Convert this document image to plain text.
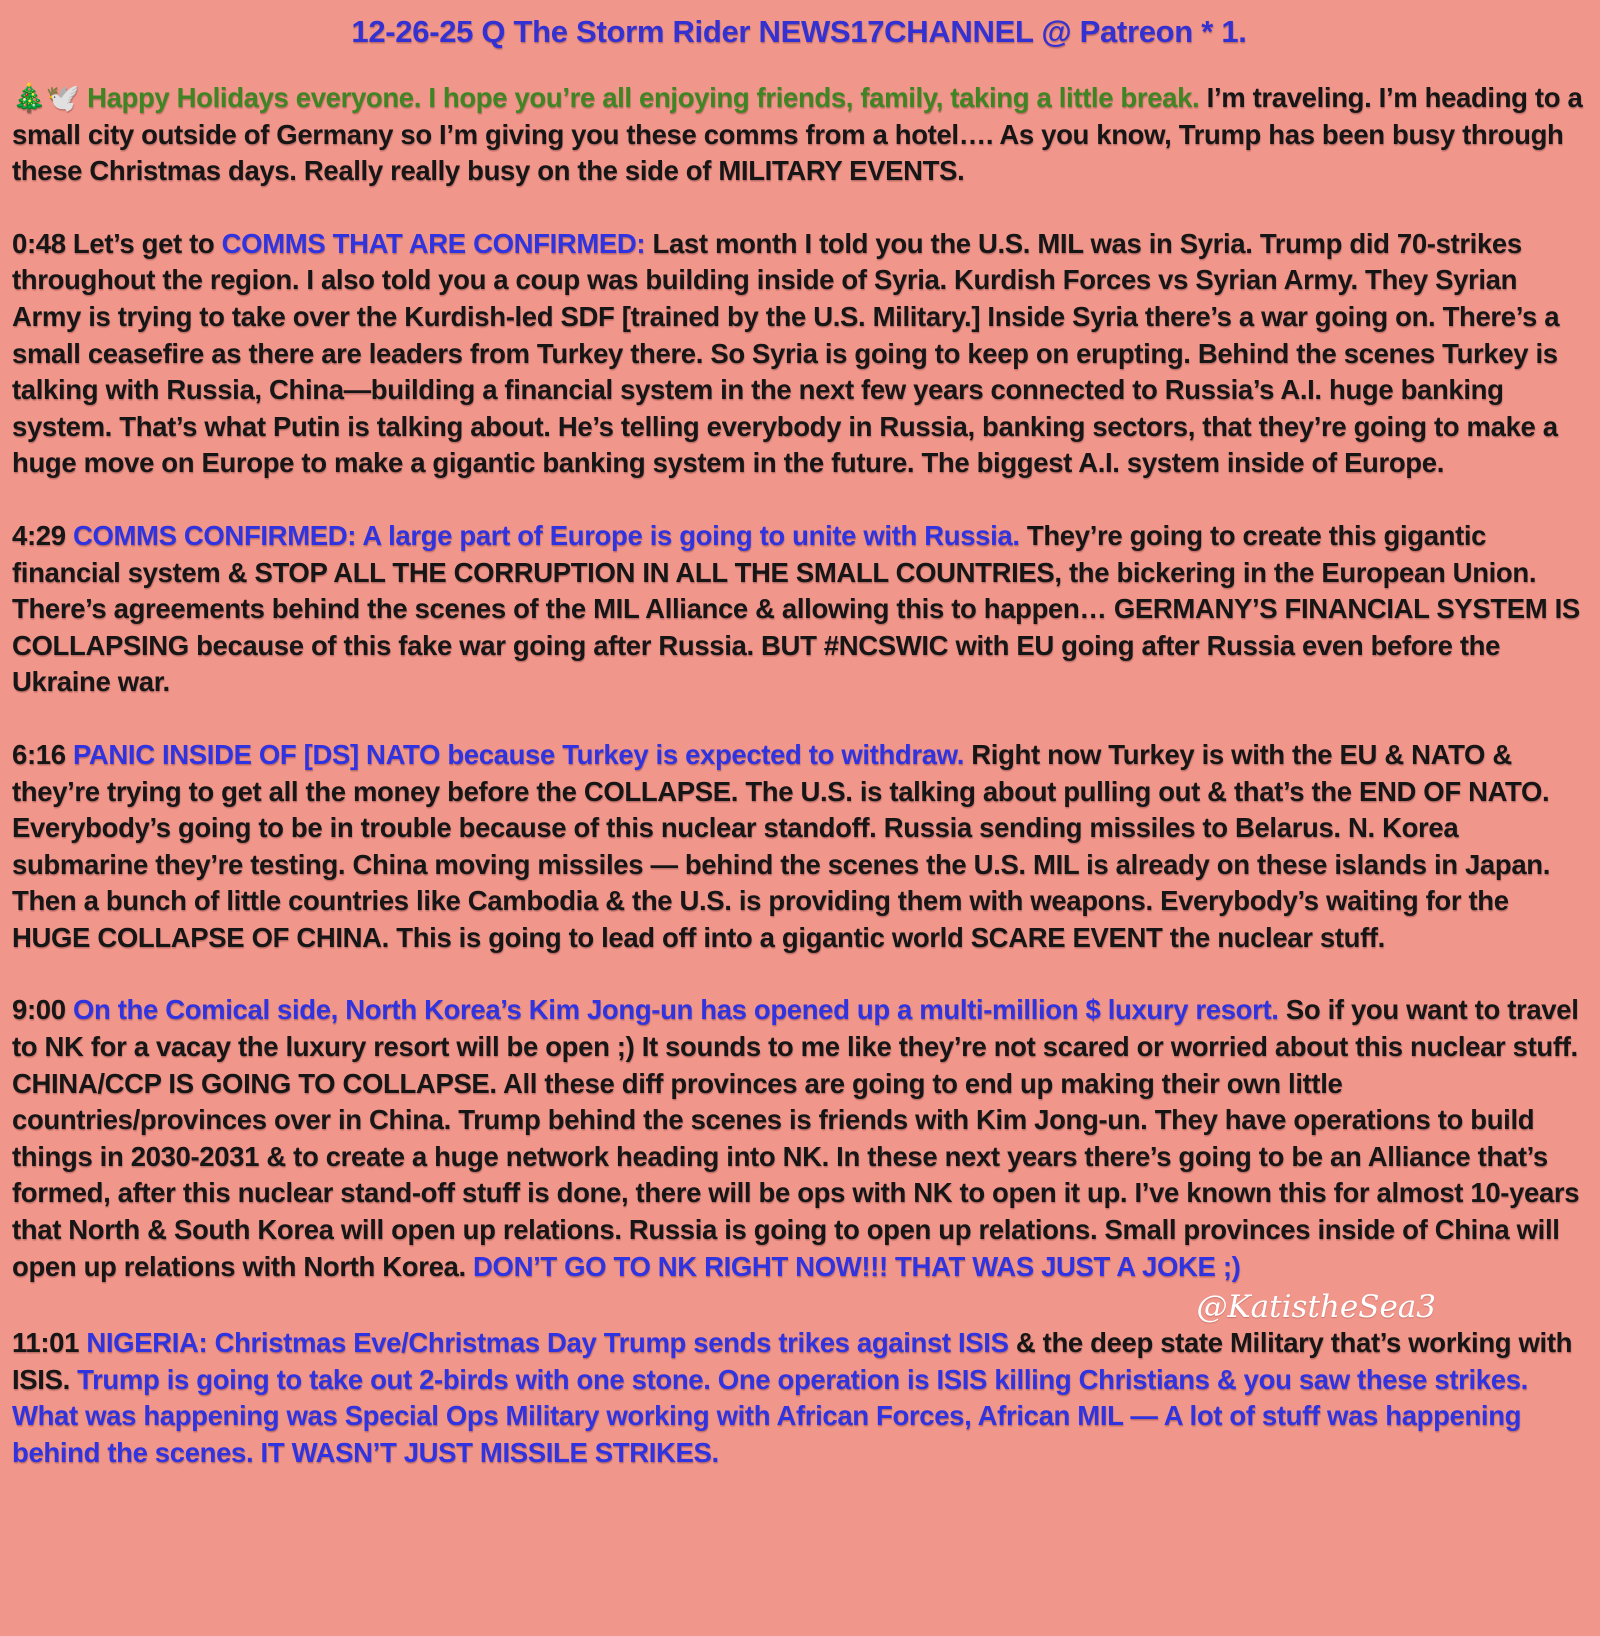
12-26-25 Q The Storm Rider NEWS17CHANNEL @ Patreon * 1.

🎄🕊️ Happy Holidays everyone. I hope you’re all enjoying friends, family, taking a little break. I’m traveling. I’m heading to a small city outside of Germany so I’m giving you these comms from a hotel…. As you know, Trump has been busy through these Christmas days. Really really busy on the side of MILITARY EVENTS.

0:48 Let’s get to COMMS THAT ARE CONFIRMED: Last month I told you the U.S. MIL was in Syria. Trump did 70-strikes throughout the region. I also told you a coup was building inside of Syria. Kurdish Forces vs Syrian Army. They Syrian Army is trying to take over the Kurdish-led SDF [trained by the U.S. Military.] Inside Syria there’s a war going on. There’s a small ceasefire as there are leaders from Turkey there. So Syria is going to keep on erupting. Behind the scenes Turkey is talking with Russia, China—building a financial system in the next few years connected to Russia’s A.I. huge banking system. That’s what Putin is talking about. He’s telling everybody in Russia, banking sectors, that they’re going to make a huge move on Europe to make a gigantic banking system in the future. The biggest A.I. system inside of Europe.

4:29 COMMS CONFIRMED: A large part of Europe is going to unite with Russia. They’re going to create this gigantic financial system & STOP ALL THE CORRUPTION IN ALL THE SMALL COUNTRIES, the bickering in the European Union. There’s agreements behind the scenes of the MIL Alliance & allowing this to happen… GERMANY’S FINANCIAL SYSTEM IS COLLAPSING because of this fake war going after Russia. BUT #NCSWIC with EU going after Russia even before the Ukraine war.

6:16 PANIC INSIDE OF [DS] NATO because Turkey is expected to withdraw. Right now Turkey is with the EU & NATO & they’re trying to get all the money before the COLLAPSE. The U.S. is talking about pulling out & that’s the END OF NATO. Everybody’s going to be in trouble because of this nuclear standoff. Russia sending missiles to Belarus. N. Korea submarine they’re testing. China moving missiles — behind the scenes the U.S. MIL is already on these islands in Japan. Then a bunch of little countries like Cambodia & the U.S. is providing them with weapons. Everybody’s waiting for the HUGE COLLAPSE OF CHINA. This is going to lead off into a gigantic world SCARE EVENT the nuclear stuff.

9:00 On the Comical side, North Korea’s Kim Jong-un has opened up a multi-million $ luxury resort. So if you want to travel to NK for a vacay the luxury resort will be open ;) It sounds to me like they’re not scared or worried about this nuclear stuff. CHINA/CCP IS GOING TO COLLAPSE. All these diff provinces are going to end up making their own little countries/provinces over in China. Trump behind the scenes is friends with Kim Jong-un. They have operations to build things in 2030-2031 & to create a huge network heading into NK. In these next years there’s going to be an Alliance that’s formed, after this nuclear stand-off stuff is done, there will be ops with NK to open it up. I’ve known this for almost 10-years that North & South Korea will open up relations. Russia is going to open up relations. Small provinces inside of China will open up relations with North Korea. DON’T GO TO NK RIGHT NOW!!! THAT WAS JUST A JOKE ;)

@KatistheSea3

11:01 NIGERIA: Christmas Eve/Christmas Day Trump sends trikes against ISIS & the deep state Military that’s working with ISIS. Trump is going to take out 2-birds with one stone. One operation is ISIS killing Christians & you saw these strikes. What was happening was Special Ops Military working with African Forces, African MIL — A lot of stuff was happening behind the scenes. IT WASN’T JUST MISSILE STRIKES.
